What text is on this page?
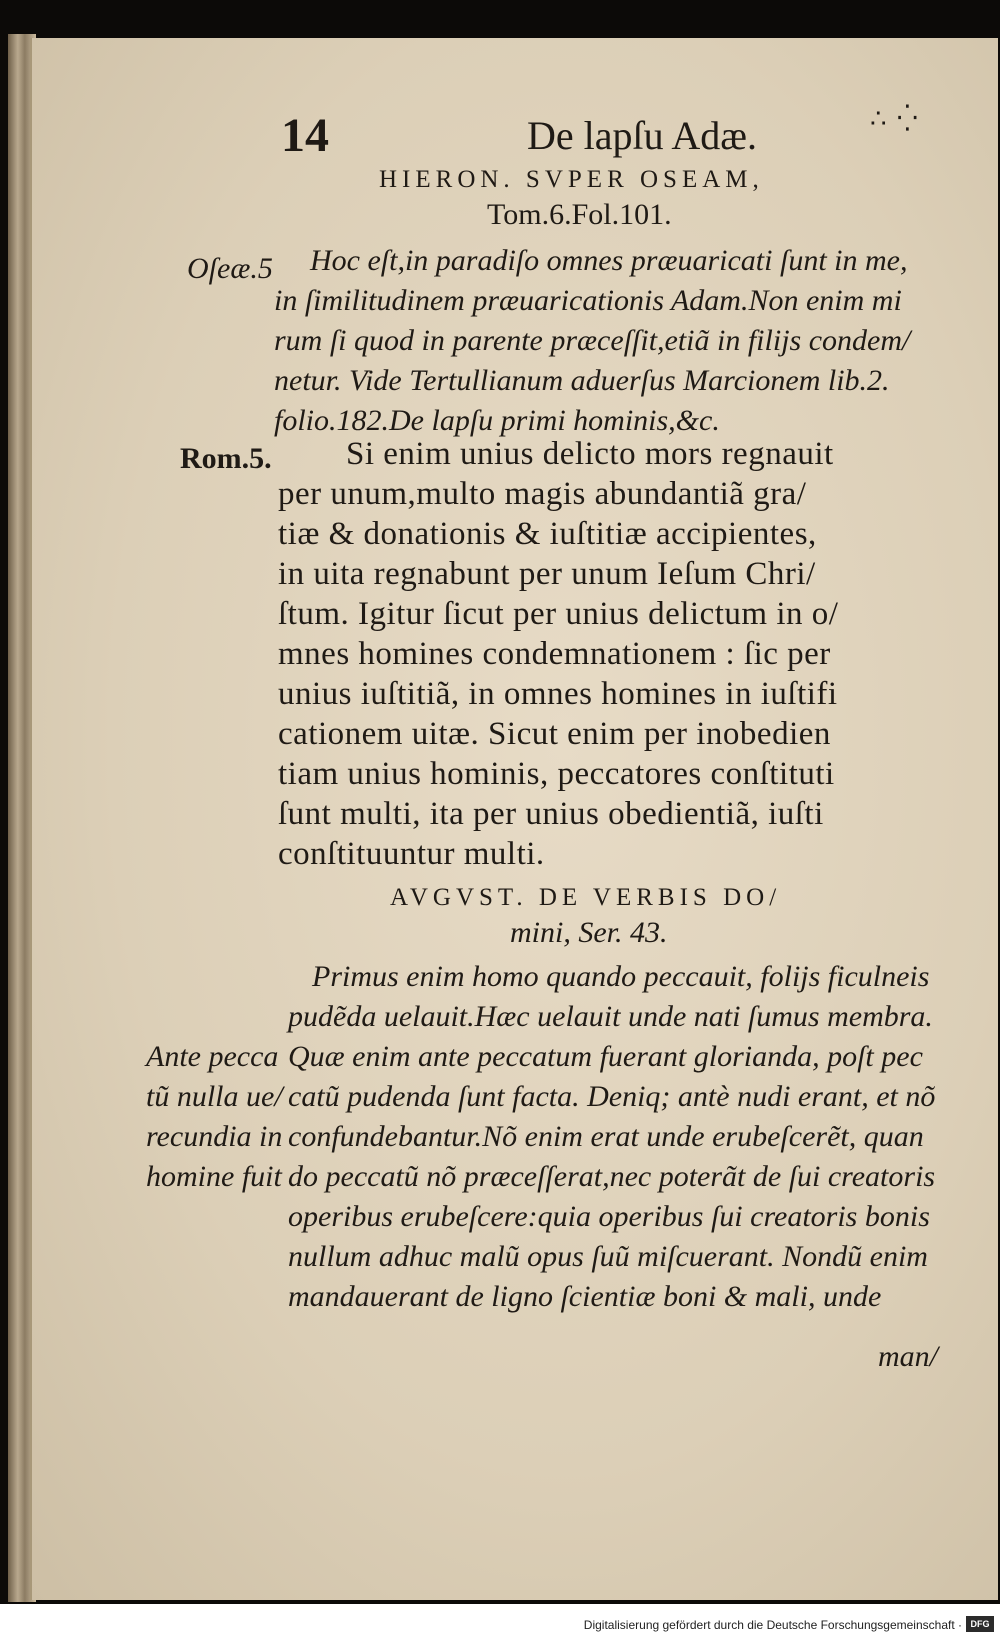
14	De lapſu Adæ.	∴ ⁛
HIERON. SVPER OSEAM,
Tom.6.Fol.101.
Oſeæ.5 Hoc eſt,in paradiſo omnes præuaricati ſunt in me,
in ſimilitudinem præuaricationis Adam.Non enim mi
rum ſi quod in parente præceſſit,etiã in filijs condem/
netur. Vide Tertullianum aduerſus Marcionem lib.2.
folio.182.De lapſu primi hominis,&c.
Rom.5. Si enim unius delicto mors regnauit
per unum,multo magis abundantiã gra/
tiæ & donationis & iuſtitiæ accipientes,
in uita regnabunt per unum Ieſum Chri/
ſtum. Igitur ſicut per unius delictum in o/
mnes homines condemnationem : ſic per
unius iuſtitiã, in omnes homines in iuſtifi
cationem uitæ. Sicut enim per inobedien
tiam unius hominis, peccatores conſtituti
ſunt multi, ita per unius obedientiã, iuſti
conſtituuntur multi.
AVGVST. DE VERBIS DO/
mini, Ser. 43.
Primus enim homo quando peccauit, folijs ficulneis
pudẽda uelauit.Hæc uelauit unde nati ſumus membra.
Ante pecca Quæ enim ante peccatum fuerant glorianda, poſt pec
tũ nulla ue/ catũ pudenda ſunt facta. Deniq; antè nudi erant, et nõ
recundia in confundebantur.Nõ enim erat unde erubeſcerẽt, quan
homine fuit do peccatũ nõ præceſſerat,nec poterãt de ſui creatoris
operibus erubeſcere:quia operibus ſui creatoris bonis
nullum adhuc malũ opus ſuũ miſcuerant. Nondũ enim
mandauerant de ligno ſcientiæ boni & mali, unde
man/
Digitalisierung gefördert durch die Deutsche Forschungsgemeinschaft · DFG
